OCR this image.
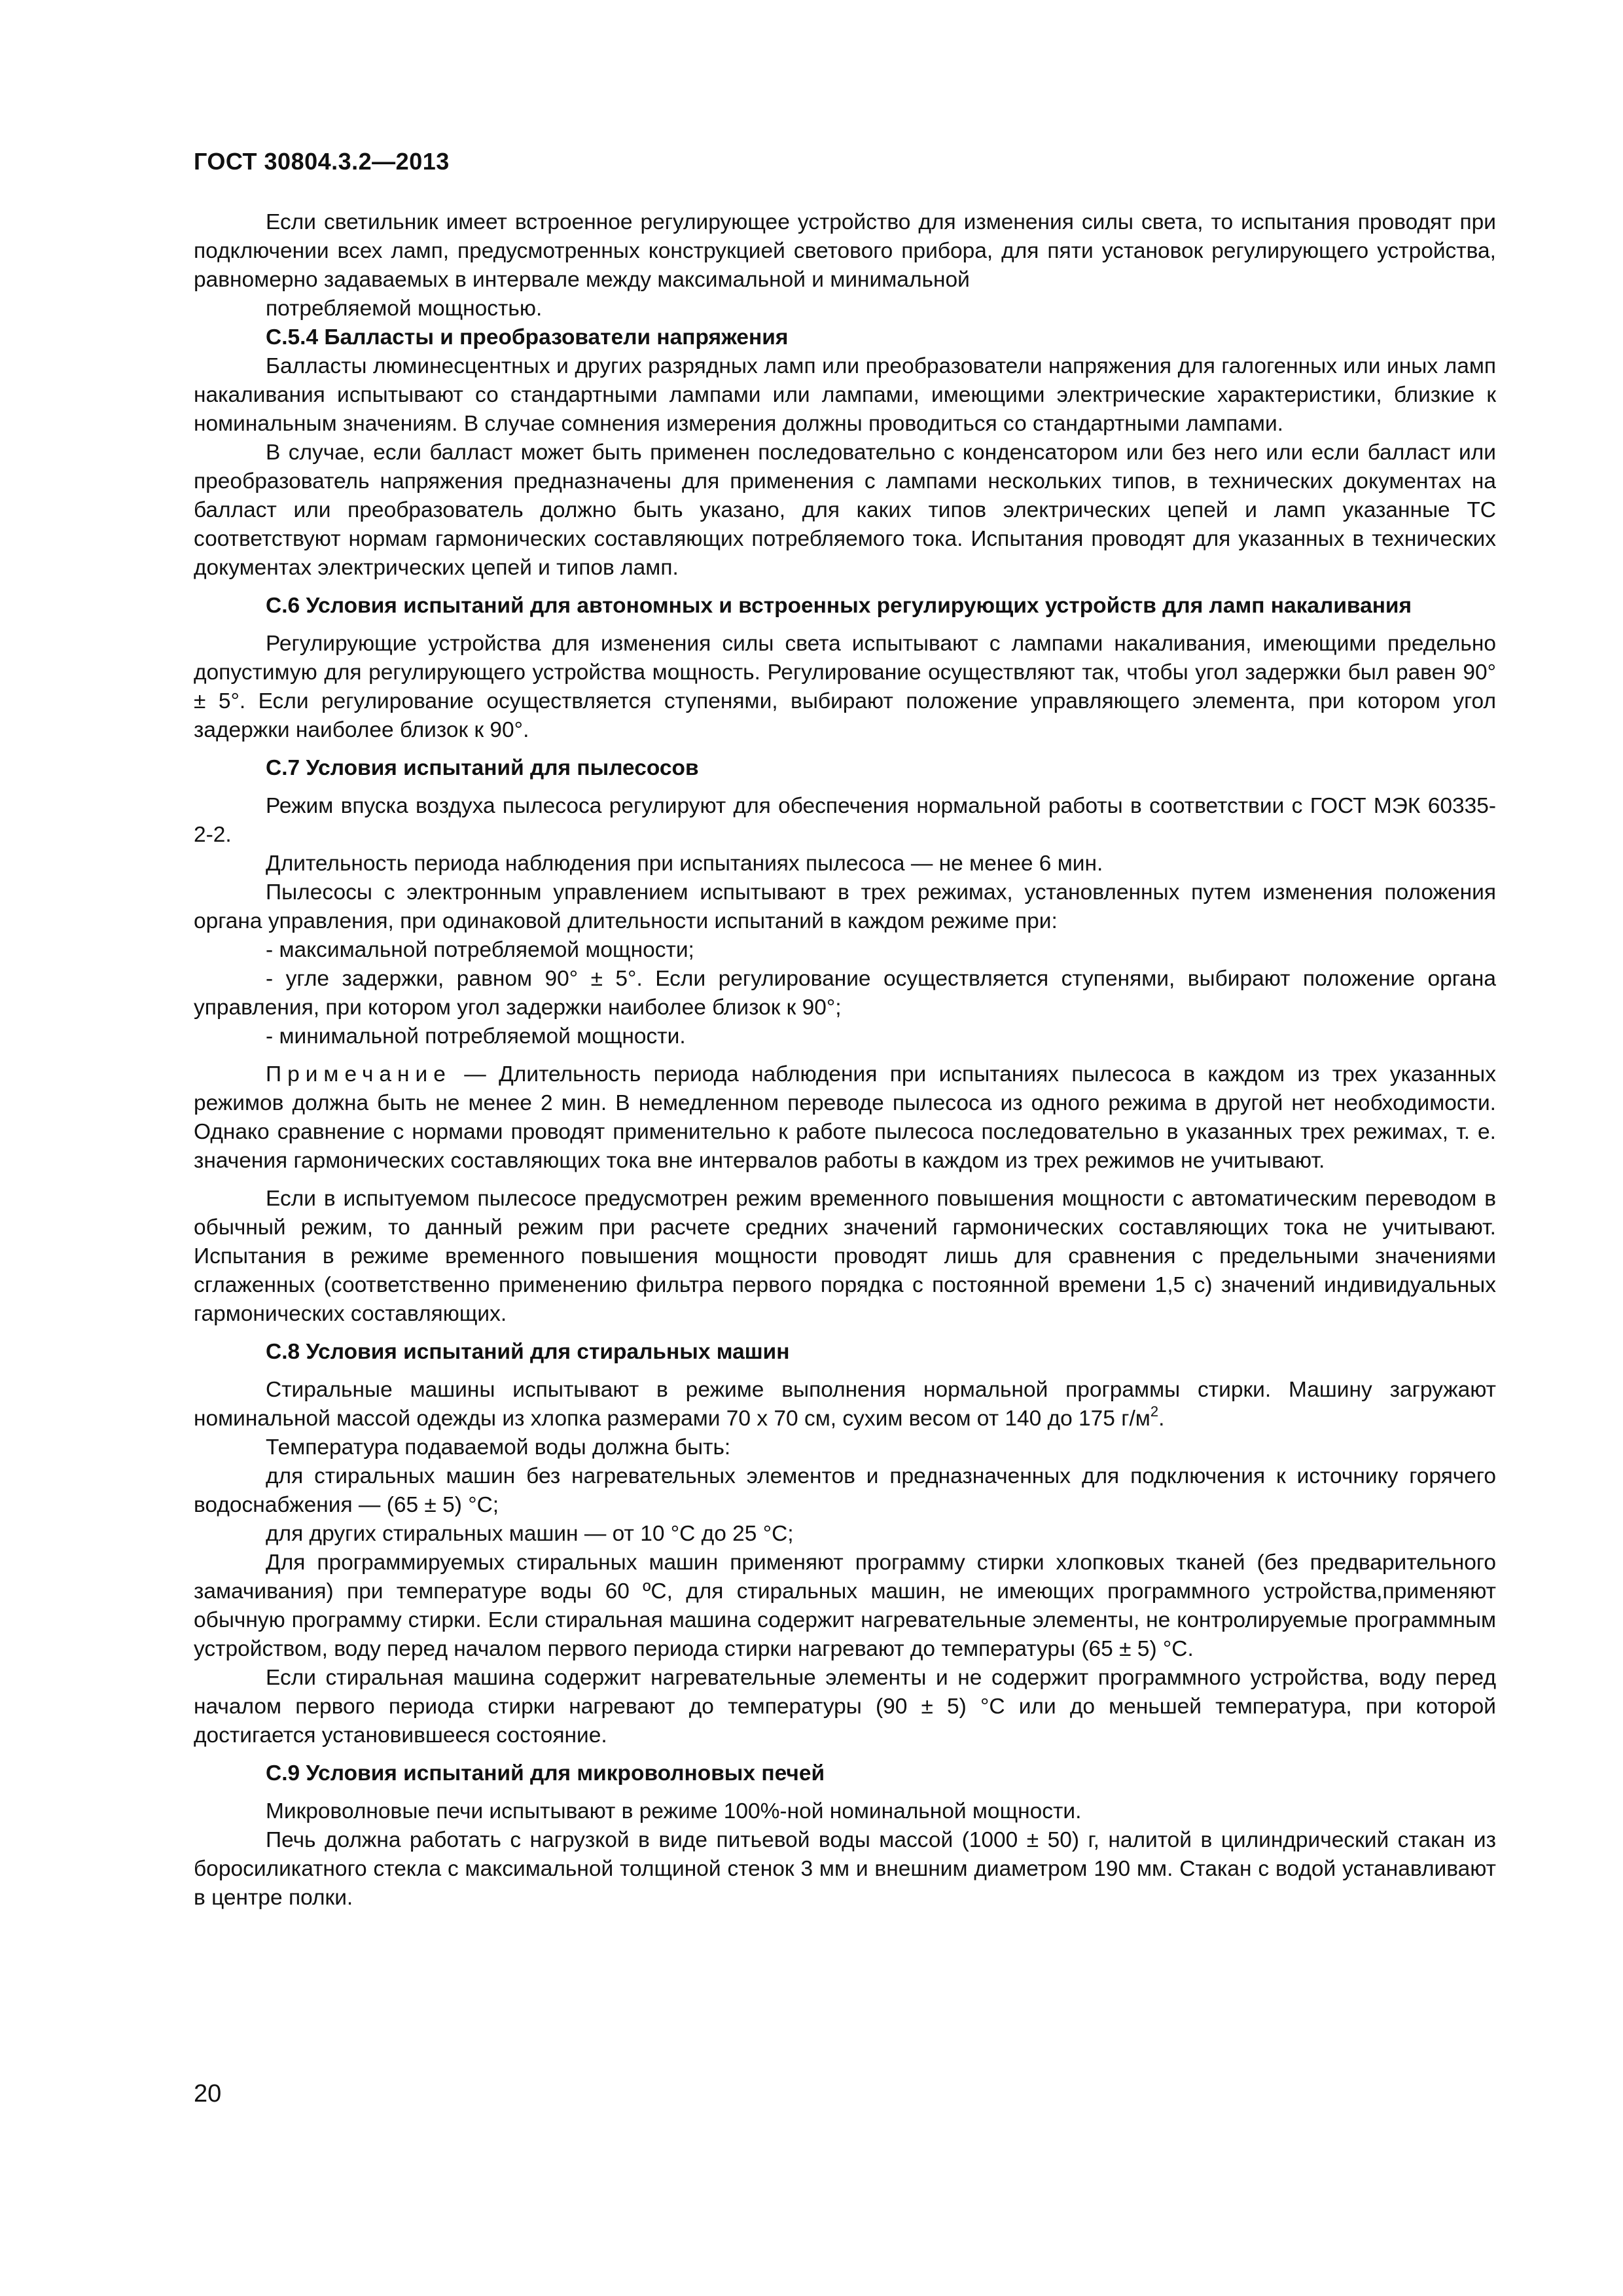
ГОСТ 30804.3.2—2013

Если светильник имеет встроенное регулирующее устройство для изменения силы света, то испытания проводят при подключении всех ламп, предусмотренных конструкцией светового прибора, для пяти установок регулирующего устройства, равномерно задаваемых в интервале между максимальной и минимальной

потребляемой мощностью.

С.5.4 Балласты и преобразователи напряжения

Балласты люминесцентных и других разрядных ламп или преобразователи напряжения для галогенных или иных ламп накаливания испытывают со стандартными лампами или лампами, имеющими электрические характеристики, близкие к номинальным значениям. В случае сомнения измерения должны проводиться со стандартными лампами.

В случае, если балласт может быть применен последовательно с конденсатором или без него или если балласт или преобразователь напряжения предназначены для применения с лампами нескольких типов, в технических документах на балласт или преобразователь должно быть указано, для каких типов электрических цепей и ламп указанные ТС соответствуют нормам гармонических составляющих потребляемого тока. Испытания проводят для указанных в технических документах электрических цепей и типов ламп.

С.6 Условия испытаний для автономных и встроенных регулирующих устройств для ламп накаливания

Регулирующие устройства для изменения силы света испытывают с лампами накаливания, имеющими предельно допустимую для регулирующего устройства мощность. Регулирование осуществляют так, чтобы угол задержки был равен 90° ± 5°. Если регулирование осуществляется ступенями, выбирают положение управляющего элемента, при котором угол задержки наиболее близок к 90°.

С.7 Условия испытаний для пылесосов

Режим впуска воздуха пылесоса регулируют для обеспечения нормальной работы в соответствии с ГОСТ МЭК 60335-2-2.

Длительность периода наблюдения при испытаниях пылесоса — не менее 6 мин.

Пылесосы с электронным управлением испытывают в трех режимах, установленных путем изменения положения органа управления, при одинаковой длительности испытаний в каждом режиме при:

- максимальной потребляемой мощности;

- угле задержки, равном 90° ± 5°. Если регулирование осуществляется ступенями, выбирают положение органа управления, при котором угол задержки наиболее близок к 90°;

- минимальной потребляемой мощности.

Примечание — Длительность периода наблюдения при испытаниях пылесоса в каждом из трех указанных режимов должна быть не менее 2 мин. В немедленном переводе пылесоса из одного режима в другой нет необходимости. Однако сравнение с нормами проводят применительно к работе пылесоса последовательно в указанных трех режимах, т. е. значения гармонических составляющих тока вне интервалов работы в каждом из трех режимов не учитывают.

Если в испытуемом пылесосе предусмотрен режим временного повышения мощности с автоматическим переводом в обычный режим, то данный режим при расчете средних значений гармонических составляющих тока не учитывают. Испытания в режиме временного повышения мощности проводят лишь для сравнения с предельными значениями сглаженных (соответственно применению фильтра первого порядка с постоянной времени 1,5 с) значений индивидуальных гармонических составляющих.

С.8 Условия испытаний для стиральных машин

Стиральные машины испытывают в режиме выполнения нормальной программы стирки. Машину загружают номинальной массой одежды из хлопка размерами 70 х 70 см, сухим весом от 140 до 175 $г/м^2$.

Температура подаваемой воды должна быть:

для стиральных машин без нагревательных элементов и предназначенных для подключения к источнику горячего водоснабжения — (65 ± 5) °С;

для других стиральных машин — от 10 °С до 25 °С;

Для программируемых стиральных машин применяют программу стирки хлопковых тканей (без предварительного замачивания) при температуре воды 60 ºС, для стиральных машин, не имеющих программного устройства,применяют обычную программу стирки. Если стиральная машина содержит нагревательные элементы, не контролируемые программным устройством, воду перед началом первого периода стирки нагревают до температуры (65 ± 5) °С.

Если стиральная машина содержит нагревательные элементы и не содержит программного устройства, воду перед началом первого периода стирки нагревают до температуры (90 ± 5) °С или до меньшей температура, при которой достигается установившееся состояние.

С.9 Условия испытаний для микроволновых печей

Микроволновые печи испытывают в режиме 100%-ной номинальной мощности.

Печь должна работать с нагрузкой в виде питьевой воды массой (1000 ± 50) г, налитой в цилиндрический стакан из боросиликатного стекла с максимальной толщиной стенок 3 мм и внешним диаметром 190 мм. Стакан с водой устанавливают в центре полки.

20
